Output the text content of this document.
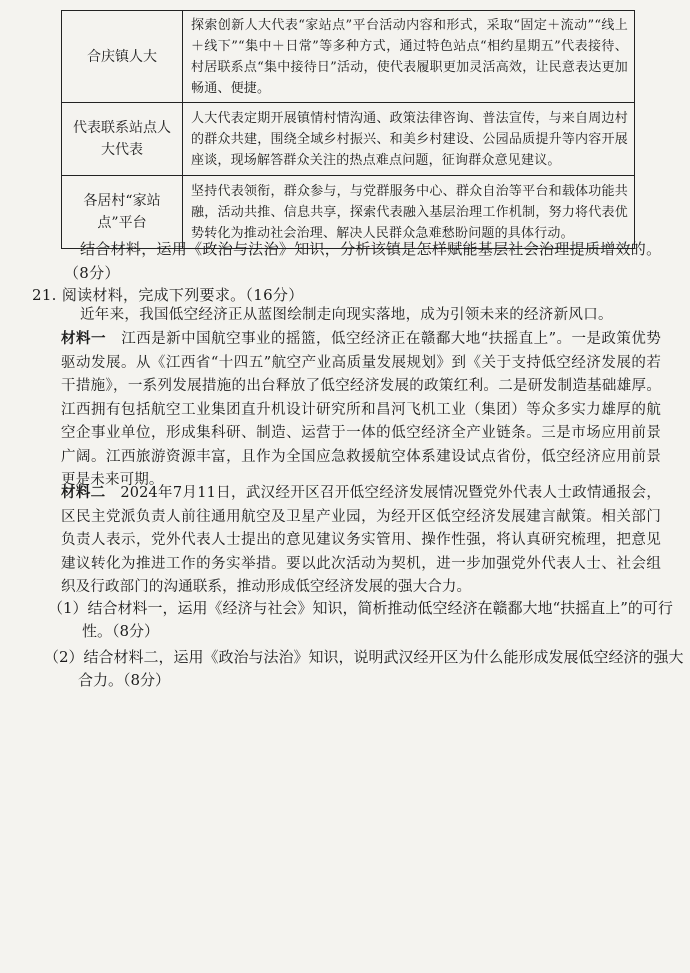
合庆镇人大	探索创新人大代表“家站点”平台活动内容和形式，采取“固定＋流动”“线上＋线下”“集中＋日常”等多种方式，通过特色站点“相约星期五”代表接待、村居联系点“集中接待日”活动，使代表履职更加灵活高效，让民意表达更加畅通、便捷。
代表联系站点人大代表	人大代表定期开展镇情村情沟通、政策法律咨询、普法宣传，与来自周边村的群众共建，围绕全域乡村振兴、和美乡村建设、公园品质提升等内容开展座谈，现场解答群众关注的热点难点问题，征询群众意见建议。
各居村“家站点”平台	坚持代表领衔，群众参与，与党群服务中心、群众自治等平台和载体功能共融，活动共推、信息共享，探索代表融入基层治理工作机制，努力将代表优势转化为推动社会治理、解决人民群众急难愁盼问题的具体行动。
结合材料，运用《政治与法治》知识，分析该镇是怎样赋能基层社会治理提质增效的。
（8分）
21. 阅读材料，完成下列要求。（16分）
近年来，我国低空经济正从蓝图绘制走向现实落地，成为引领未来的经济新风口。
材料一 江西是新中国航空事业的摇篮，低空经济正在赣鄱大地“扶摇直上”。一是政策优势驱动发展。从《江西省“十四五”航空产业高质量发展规划》到《关于支持低空经济发展的若干措施》，一系列发展措施的出台释放了低空经济发展的政策红利。二是研发制造基础雄厚。江西拥有包括航空工业集团直升机设计研究所和昌河飞机工业（集团）等众多实力雄厚的航空企事业单位，形成集科研、制造、运营于一体的低空经济全产业链条。三是市场应用前景广阔。江西旅游资源丰富，且作为全国应急救援航空体系建设试点省份，低空经济应用前景更是未来可期。
材料二 2024年7月11日，武汉经开区召开低空经济发展情况暨党外代表人士政情通报会，区民主党派负责人前往通用航空及卫星产业园，为经开区低空经济发展建言献策。相关部门负责人表示，党外代表人士提出的意见建议务实管用、操作性强，将认真研究梳理，把意见建议转化为推进工作的务实举措。要以此次活动为契机，进一步加强党外代表人士、社会组织及行政部门的沟通联系，推动形成低空经济发展的强大合力。
（1）结合材料一，运用《经济与社会》知识，简析推动低空经济在赣鄱大地“扶摇直上”的可行性。（8分）
（2）结合材料二，运用《政治与法治》知识，说明武汉经开区为什么能形成发展低空经济的强大合力。（8分）
